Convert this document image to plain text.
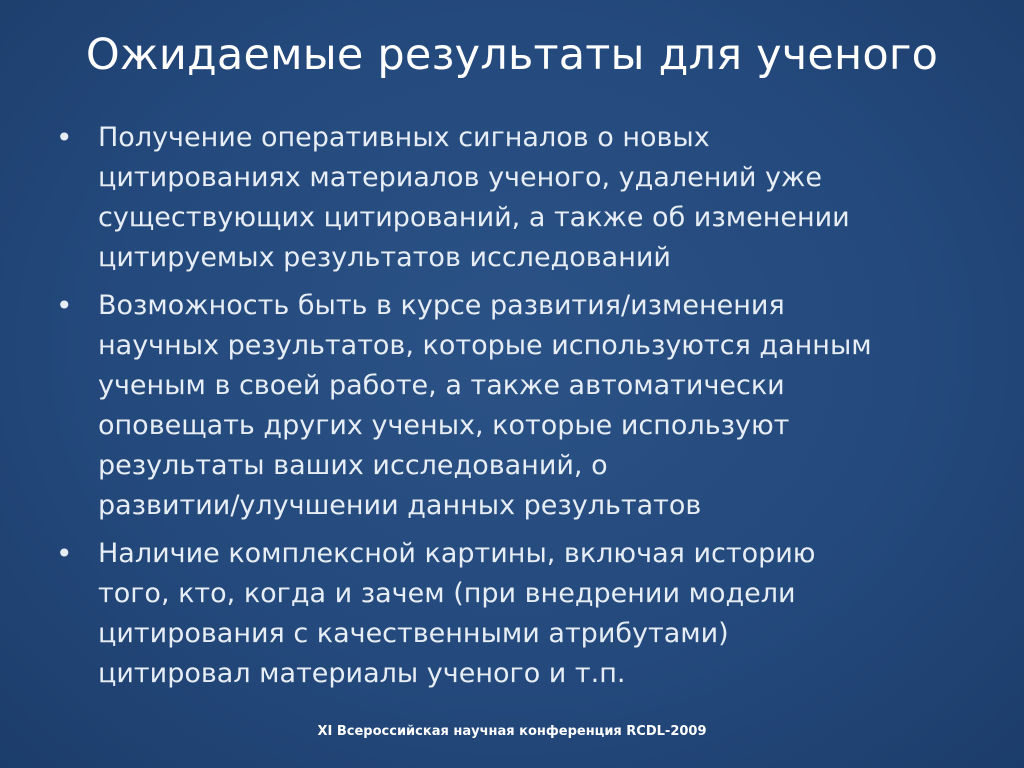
Ожидаемые результаты для ученого
• Получение оперативных сигналов о новых
цитированиях материалов ученого, удалений уже
существующих цитирований, а также об изменении
цитируемых результатов исследований
• Возможность быть в курсе развития/изменения
научных результатов, которые используются данным
ученым в своей работе, а также автоматически
оповещать других ученых, которые используют
результаты ваших исследований, о
развитии/улучшении данных результатов
• Наличие комплексной картины, включая историю
того, кто, когда и зачем (при внедрении модели
цитирования с качественными атрибутами)
цитировал материалы ученого и т.п.
XI Всероссийская научная конференция RCDL-2009
